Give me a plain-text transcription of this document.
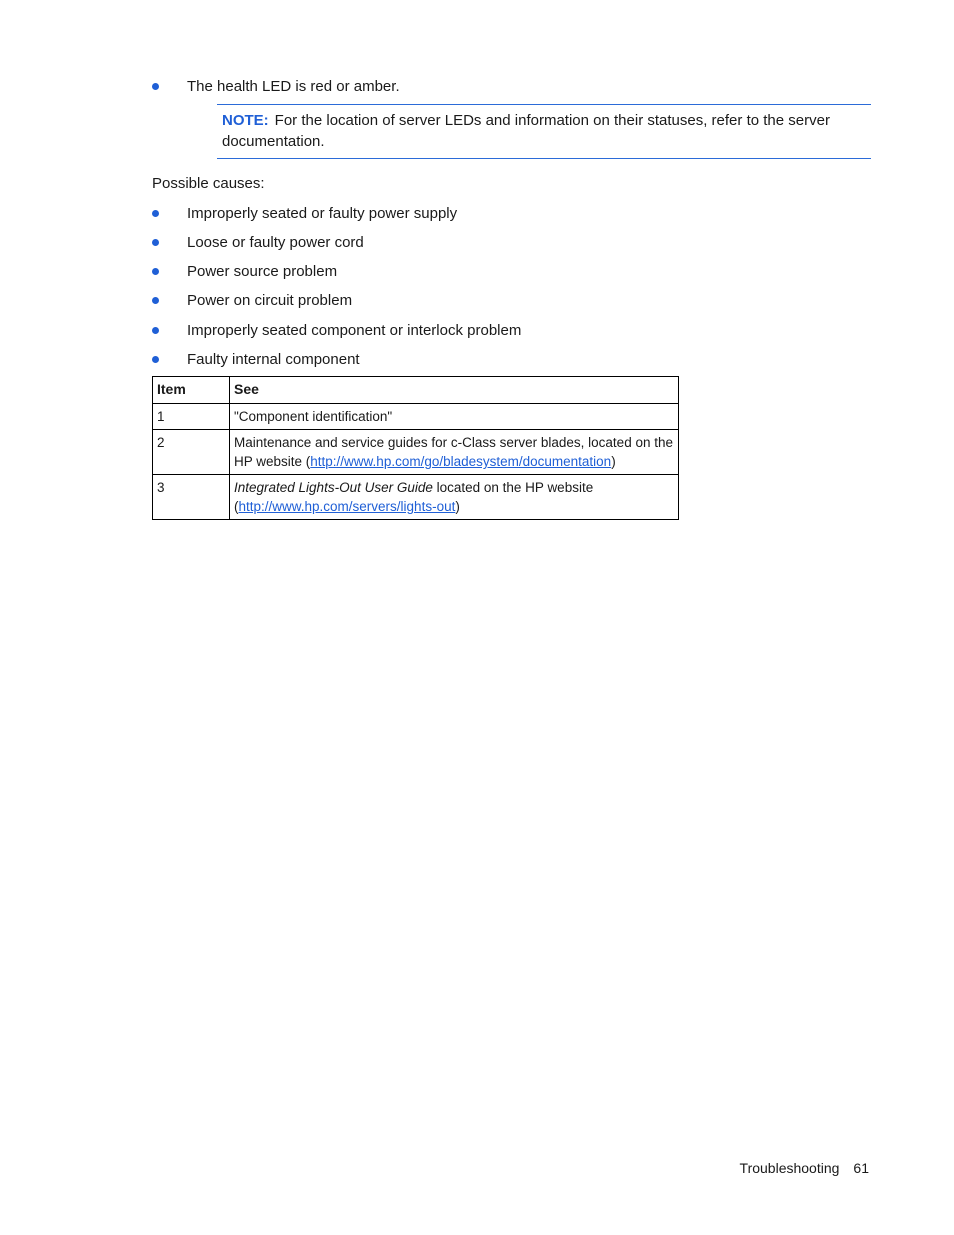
The health LED is red or amber.
NOTE: For the location of server LEDs and information on their statuses, refer to the server documentation.
Possible causes:
Improperly seated or faulty power supply
Loose or faulty power cord
Power source problem
Power on circuit problem
Improperly seated component or interlock problem
Faulty internal component
Item	See
1	"Component identification"
2	Maintenance and service guides for c-Class server blades, located on the HP website (http://www.hp.com/go/bladesystem/documentation)
3	Integrated Lights-Out User Guide located on the HP website (http://www.hp.com/servers/lights-out)
Troubleshooting 61
